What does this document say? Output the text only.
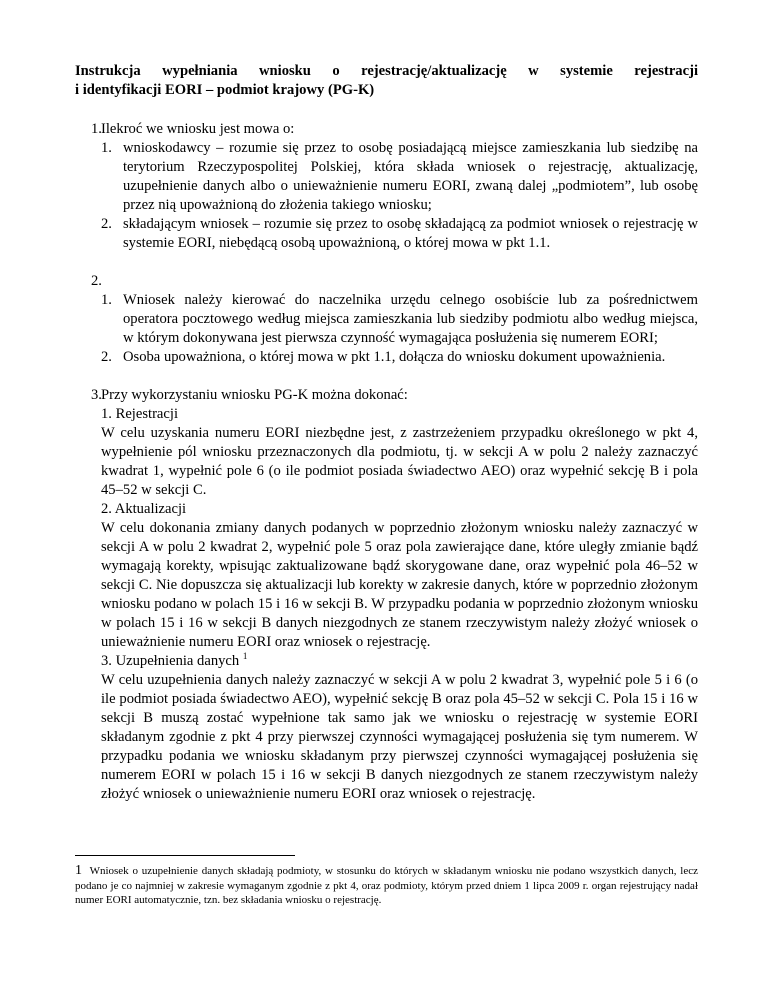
Instrukcja wypełniania wniosku o rejestrację/aktualizację w systemie rejestracji
i identyfikacji EORI – podmiot krajowy (PG-K)

1. Ilekroć we wniosku jest mowa o:
1. wnioskodawcy – rozumie się przez to osobę posiadającą miejsce zamieszkania lub siedzibę na terytorium Rzeczypospolitej Polskiej, która składa wniosek o rejestrację, aktualizację, uzupełnienie danych albo o unieważnienie numeru EORI, zwaną dalej „podmiotem”, lub osobę przez nią upoważnioną do złożenia takiego wniosku;
2. składającym wniosek – rozumie się przez to osobę składającą za podmiot wniosek o rejestrację w systemie EORI, niebędącą osobą upoważnioną, o której mowa w pkt 1.1.
2.
1. Wniosek należy kierować do naczelnika urzędu celnego osobiście lub za pośrednictwem operatora pocztowego według miejsca zamieszkania lub siedziby podmiotu albo według miejsca, w którym dokonywana jest pierwsza czynność wymagająca posłużenia się numerem EORI;
2. Osoba upoważniona, o której mowa w pkt 1.1, dołącza do wniosku dokument upoważnienia.
3. Przy wykorzystaniu wniosku PG-K można dokonać:

1. Rejestracji

W celu uzyskania numeru EORI niezbędne jest, z zastrzeżeniem przypadku określonego w pkt 4, wypełnienie pól wniosku przeznaczonych dla podmiotu, tj. w sekcji A w polu 2 należy zaznaczyć kwadrat 1, wypełnić pole 6 (o ile podmiot posiada świadectwo AEO) oraz wypełnić sekcję B i pola 45–52 w sekcji C.

2. Aktualizacji

W celu dokonania zmiany danych podanych w poprzednio złożonym wniosku należy zaznaczyć w sekcji A w polu 2 kwadrat 2, wypełnić pole 5 oraz pola zawierające dane, które uległy zmianie bądź wymagają korekty, wpisując zaktualizowane bądź skorygowane dane, oraz wypełnić pola 46–52 w sekcji C. Nie dopuszcza się aktualizacji lub korekty w zakresie danych, które w poprzednio złożonym wniosku podano w polach 15 i 16 w sekcji B. W przypadku podania w poprzednio złożonym wniosku w polach 15 i 16 w sekcji B danych niezgodnych ze stanem rzeczywistym należy złożyć wniosek o unieważnienie numeru EORI oraz wniosek o rejestrację.

3. Uzupełnienia danych $^1$

W celu uzupełnienia danych należy zaznaczyć w sekcji A w polu 2 kwadrat 3, wypełnić pole 5 i 6 (o ile podmiot posiada świadectwo AEO), wypełnić sekcję B oraz pola 45–52 w sekcji C. Pola 15 i 16 w sekcji B muszą zostać wypełnione tak samo jak we wniosku o rejestrację w systemie EORI składanym zgodnie z pkt 4 przy pierwszej czynności wymagającej posłużenia się tym numerem. W przypadku podania we wniosku składanym przy pierwszej czynności wymagającej posłużenia się numerem EORI w polach 15 i 16 w sekcji B danych niezgodnych ze stanem rzeczywistym należy złożyć wniosek o unieważnienie numeru EORI oraz wniosek o rejestrację.

1 Wniosek o uzupełnienie danych składają podmioty, w stosunku do których w składanym wniosku nie podano wszystkich danych, lecz podano je co najmniej w zakresie wymaganym zgodnie z pkt 4, oraz podmioty, którym przed dniem 1 lipca 2009 r. organ rejestrujący nadał numer EORI automatycznie, tzn. bez składania wniosku o rejestrację.
